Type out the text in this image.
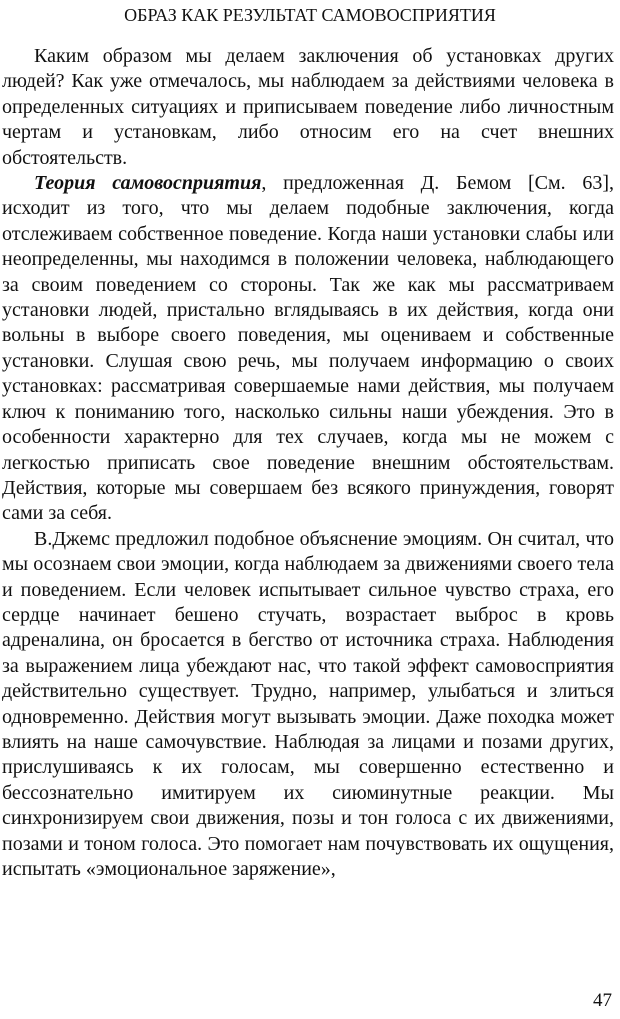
ОБРАЗ КАК РЕЗУЛЬТАТ САМОВОСПРИЯТИЯ

Каким образом мы делаем заключения об установках других людей? Как уже отмечалось, мы наблюдаем за действиями человека в определенных ситуациях и приписываем поведение либо личностным чертам и установкам, либо относим его на счет внешних обстоятельств.

Теория самовосприятия, предложенная Д. Бемом [См. 63], исходит из того, что мы делаем подобные заключения, когда отслеживаем собственное поведение. Когда наши установки слабы или неопределенны, мы находимся в положении человека, наблюдающего за своим поведением со стороны. Так же как мы рассматриваем установки людей, пристально вглядываясь в их действия, когда они вольны в выборе своего поведения, мы оцениваем и собственные установки. Слушая свою речь, мы получаем информацию о своих установках: рассматривая совершаемые нами действия, мы получаем ключ к пониманию того, насколько сильны наши убеждения. Это в особенности характерно для тех случаев, когда мы не можем с легкостью приписать свое поведение внешним обстоятельствам. Действия, которые мы совершаем без всякого принуждения, говорят сами за себя.

В.Джемс предложил подобное объяснение эмоциям. Он считал, что мы осознаем свои эмоции, когда наблюдаем за движениями своего тела и поведением. Если человек испытывает сильное чувство страха, его сердце начинает бешено стучать, возрастает выброс в кровь адреналина, он бросается в бегство от источника страха. Наблюдения за выражением лица убеждают нас, что такой эффект самовосприятия действительно существует. Трудно, например, улыбаться и злиться одновременно. Действия могут вызывать эмоции. Даже походка может влиять на наше самочувствие. Наблюдая за лицами и позами других, прислушиваясь к их голосам, мы совершенно естественно и бессознательно имитируем их сиюминутные реакции. Мы синхронизируем свои движения, позы и тон голоса с их движениями, позами и тоном голоса. Это помогает нам почувствовать их ощущения, испытать «эмоциональное заряжение»,

47
